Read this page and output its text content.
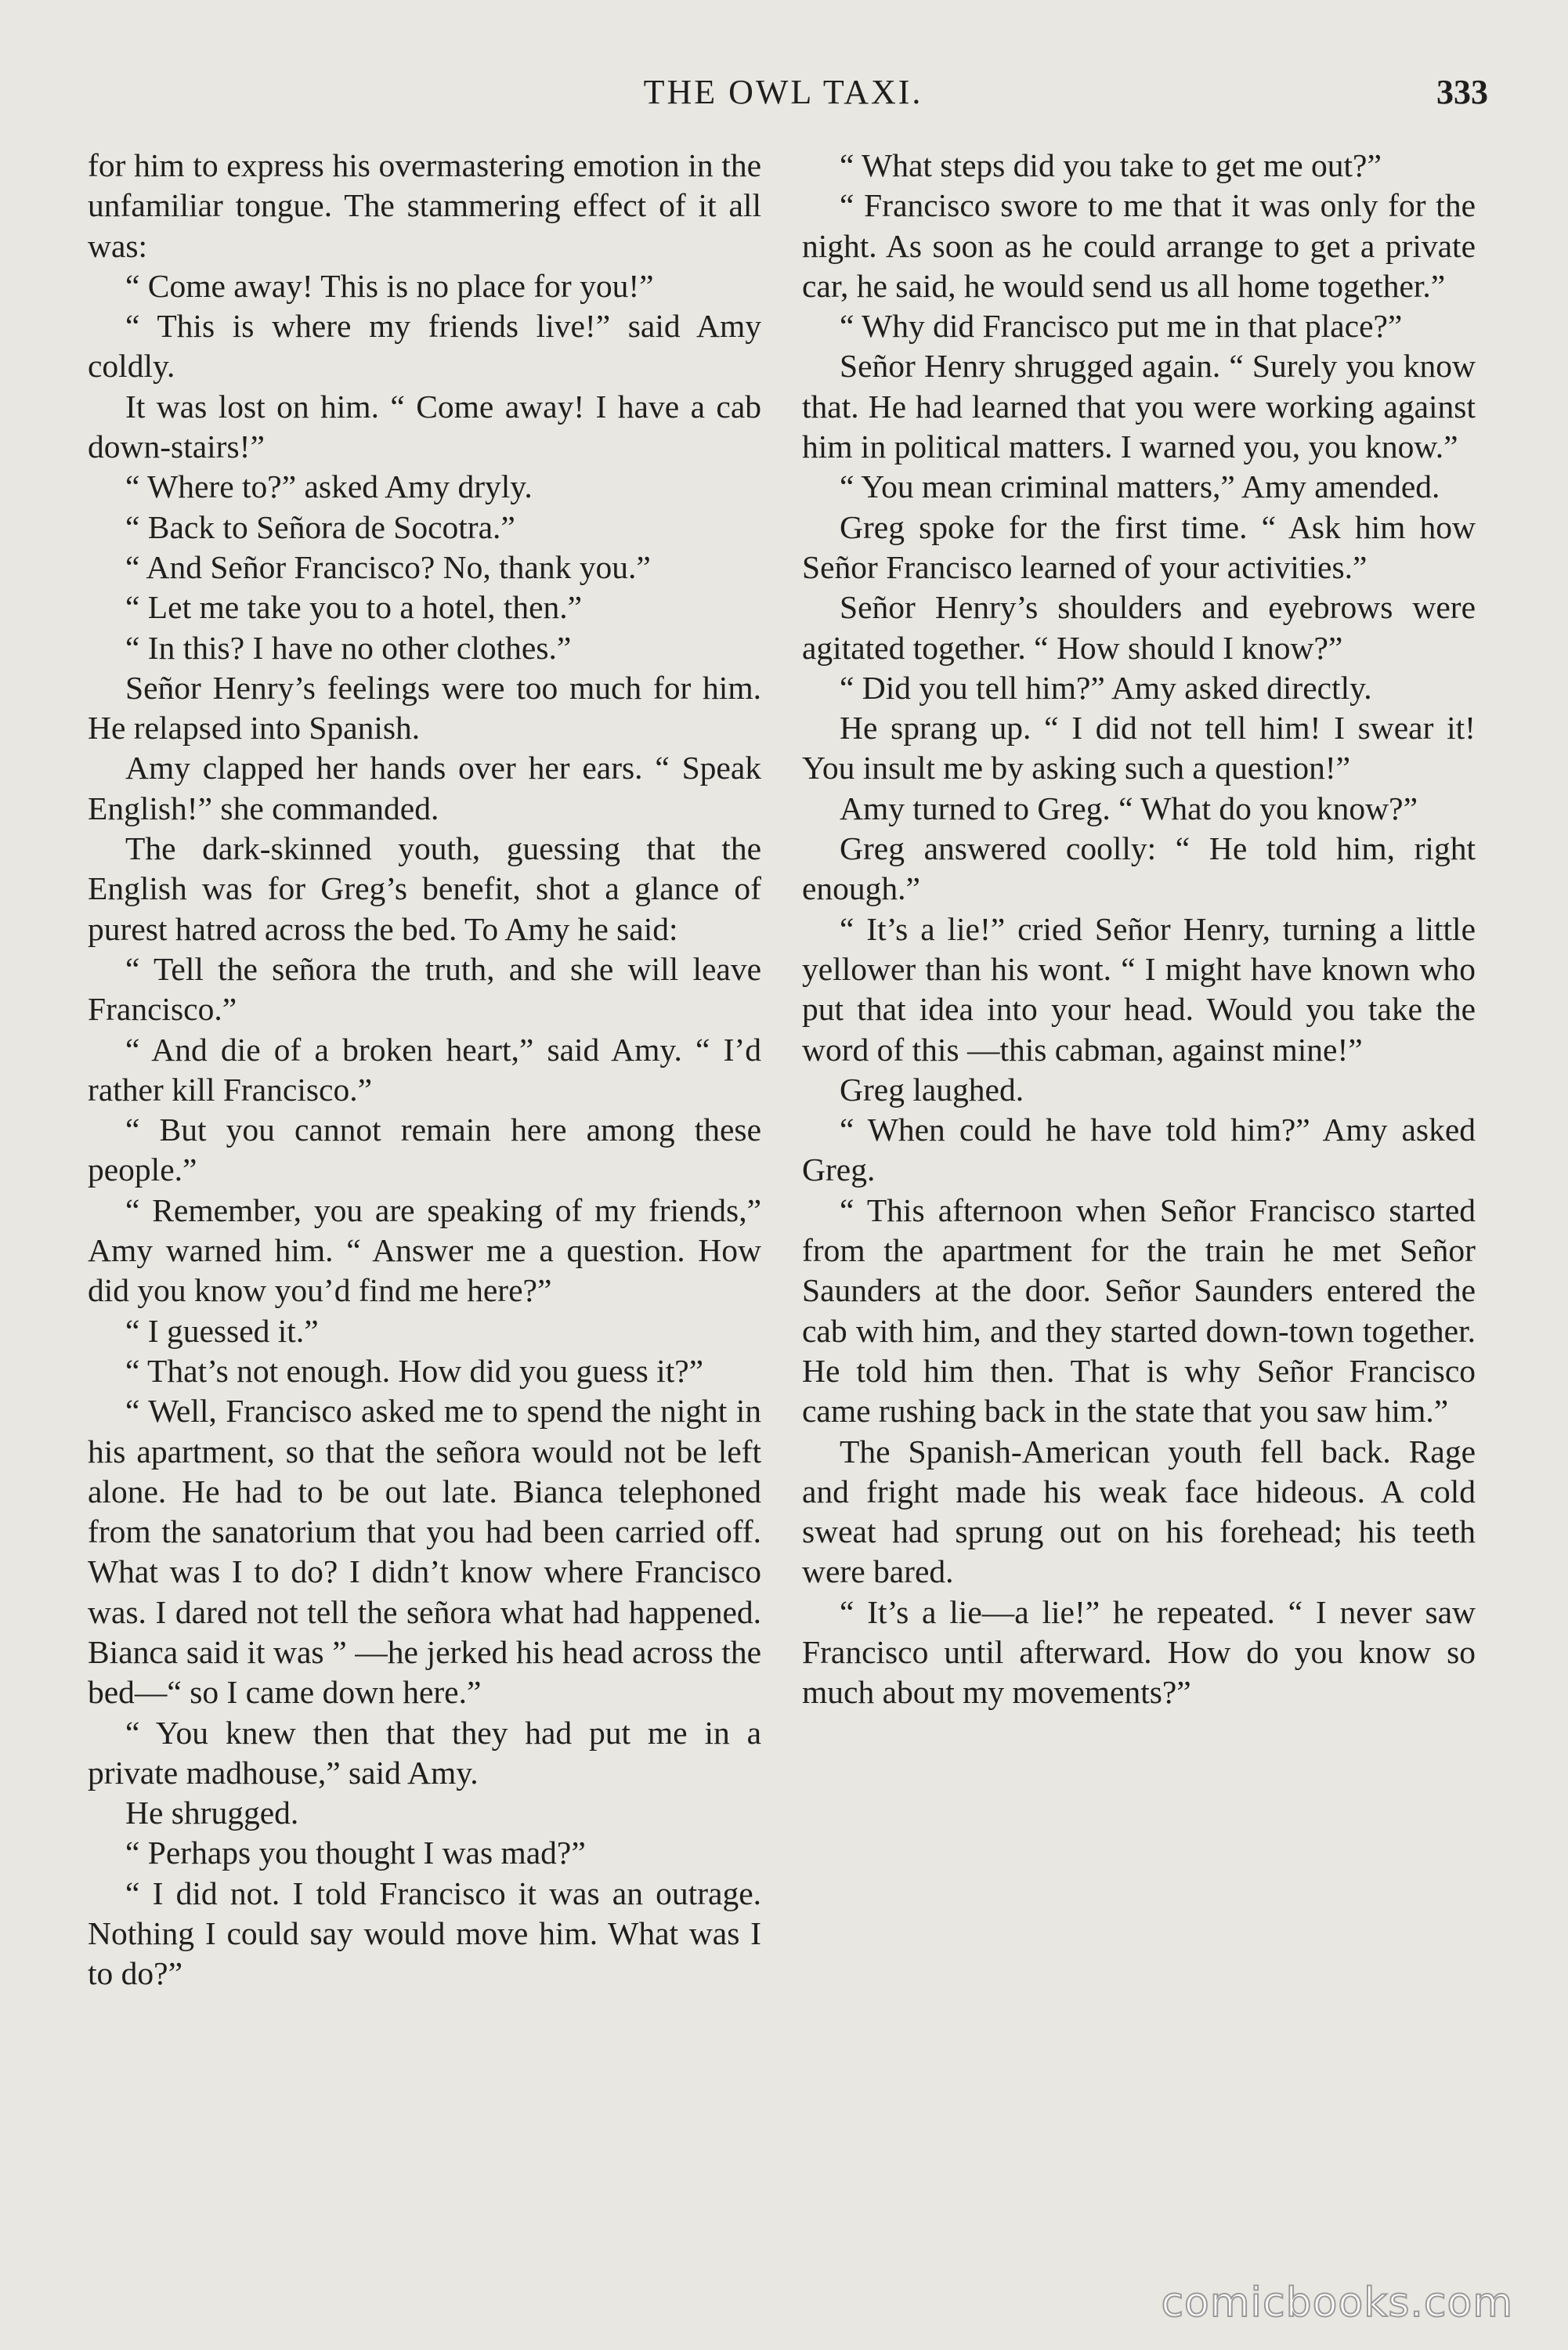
THE OWL TAXI.	333

for him to express his overmastering emotion in the unfamiliar tongue. The stammering effect of it all was:

“ Come away! This is no place for you!”

“ This is where my friends live!” said Amy coldly.

It was lost on him. “ Come away! I have a cab down-stairs!”

“ Where to?” asked Amy dryly.

“ Back to Señora de Socotra.”

“ And Señor Francisco? No, thank you.”

“ Let me take you to a hotel, then.”

“ In this? I have no other clothes.”

Señor Henry’s feelings were too much for him. He relapsed into Spanish.

Amy clapped her hands over her ears. “ Speak English!” she commanded.

The dark-skinned youth, guessing that the English was for Greg’s benefit, shot a glance of purest hatred across the bed. To Amy he said:

“ Tell the señora the truth, and she will leave Francisco.”

“ And die of a broken heart,” said Amy. “ I’d rather kill Francisco.”

“ But you cannot remain here among these people.”

“ Remember, you are speaking of my friends,” Amy warned him. “ Answer me a question. How did you know you’d find me here?”

“ I guessed it.”

“ That’s not enough. How did you guess it?”

“ Well, Francisco asked me to spend the night in his apartment, so that the señora would not be left alone. He had to be out late. Bianca telephoned from the sanatorium that you had been carried off. What was I to do? I didn’t know where Francisco was. I dared not tell the señora what had happened. Bianca said it was ” —he jerked his head across the bed—“ so I came down here.”

“ You knew then that they had put me in a private madhouse,” said Amy.

He shrugged.

“ Perhaps you thought I was mad?”

“ I did not. I told Francisco it was an outrage. Nothing I could say would move him. What was I to do?”

“ What steps did you take to get me out?”

“ Francisco swore to me that it was only for the night. As soon as he could arrange to get a private car, he said, he would send us all home together.”

“ Why did Francisco put me in that place?”

Señor Henry shrugged again. “ Surely you know that. He had learned that you were working against him in political matters. I warned you, you know.”

“ You mean criminal matters,” Amy amended.

Greg spoke for the first time. “ Ask him how Señor Francisco learned of your activities.”

Señor Henry’s shoulders and eyebrows were agitated together. “ How should I know?”

“ Did you tell him?” Amy asked directly.

He sprang up. “ I did not tell him! I swear it! You insult me by asking such a question!”

Amy turned to Greg. “ What do you know?”

Greg answered coolly: “ He told him, right enough.”

“ It’s a lie!” cried Señor Henry, turning a little yellower than his wont. “ I might have known who put that idea into your head. Would you take the word of this —this cabman, against mine!”

Greg laughed.

“ When could he have told him?” Amy asked Greg.

“ This afternoon when Señor Francisco started from the apartment for the train he met Señor Saunders at the door. Señor Saunders entered the cab with him, and they started down-town together. He told him then. That is why Señor Francisco came rushing back in the state that you saw him.”

The Spanish-American youth fell back. Rage and fright made his weak face hideous. A cold sweat had sprung out on his forehead; his teeth were bared.

“ It’s a lie—a lie!” he repeated. “ I never saw Francisco until afterward. How do you know so much about my movements?”

comicbooks.com
